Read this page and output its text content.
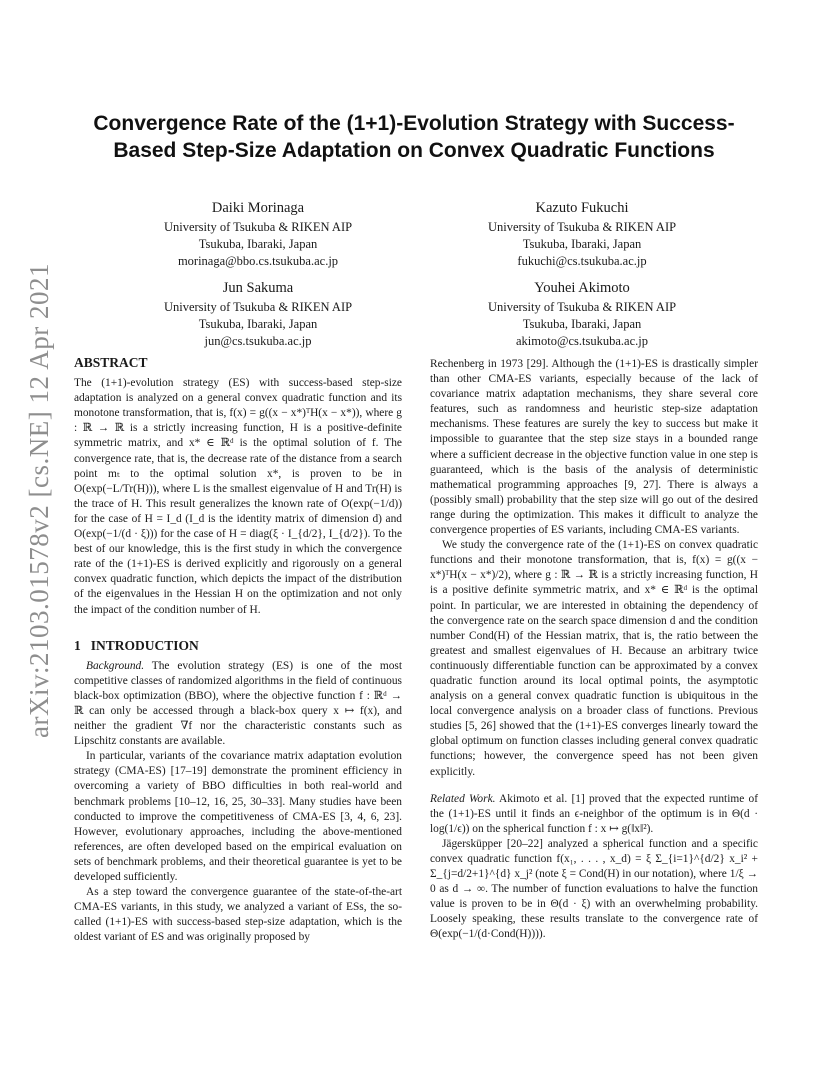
arXiv:2103.01578v2 [cs.NE] 12 Apr 2021
Convergence Rate of the (1+1)-Evolution Strategy with Success-Based Step-Size Adaptation on Convex Quadratic Functions
Daiki Morinaga
University of Tsukuba & RIKEN AIP
Tsukuba, Ibaraki, Japan
morinaga@bbo.cs.tsukuba.ac.jp
Kazuto Fukuchi
University of Tsukuba & RIKEN AIP
Tsukuba, Ibaraki, Japan
fukuchi@cs.tsukuba.ac.jp
Jun Sakuma
University of Tsukuba & RIKEN AIP
Tsukuba, Ibaraki, Japan
jun@cs.tsukuba.ac.jp
Youhei Akimoto
University of Tsukuba & RIKEN AIP
Tsukuba, Ibaraki, Japan
akimoto@cs.tsukuba.ac.jp
ABSTRACT

The (1+1)-evolution strategy (ES) with success-based step-size adaptation is analyzed on a general convex quadratic function and its monotone transformation, that is, f(x) = g((x − x*)ᵀH(x − x*)), where g : ℝ → ℝ is a strictly increasing function, H is a positive-definite symmetric matrix, and x* ∈ ℝᵈ is the optimal solution of f. The convergence rate, that is, the decrease rate of the distance from a search point mₜ to the optimal solution x*, is proven to be in O(exp(−L/Tr(H))), where L is the smallest eigenvalue of H and Tr(H) is the trace of H. This result generalizes the known rate of O(exp(−1/d)) for the case of H = I_d (I_d is the identity matrix of dimension d) and O(exp(−1/(d · ξ))) for the case of H = diag(ξ · I_{d/2}, I_{d/2}). To the best of our knowledge, this is the first study in which the convergence rate of the (1+1)-ES is derived explicitly and rigorously on a general convex quadratic function, which depicts the impact of the distribution of the eigenvalues in the Hessian H on the optimization and not only the impact of the condition number of H.

1 INTRODUCTION

Background. The evolution strategy (ES) is one of the most competitive classes of randomized algorithms in the field of continuous black-box optimization (BBO), where the objective function f : ℝᵈ → ℝ can only be accessed through a black-box query x ↦ f(x), and neither the gradient ∇f nor the characteristic constants such as Lipschitz constants are available.

In particular, variants of the covariance matrix adaptation evolution strategy (CMA-ES) [17–19] demonstrate the prominent efficiency in overcoming a variety of BBO difficulties in both real-world and benchmark problems [10–12, 16, 25, 30–33]. Many studies have been conducted to improve the competitiveness of CMA-ES [3, 4, 6, 23]. However, evolutionary approaches, including the above-mentioned references, are often developed based on the empirical evaluation on sets of benchmark problems, and their theoretical guarantee is yet to be developed sufficiently.

As a step toward the convergence guarantee of the state-of-the-art CMA-ES variants, in this study, we analyzed a variant of ESs, the so-called (1+1)-ES with success-based step-size adaptation, which is the oldest variant of ES and was originally proposed by

Rechenberg in 1973 [29]. Although the (1+1)-ES is drastically simpler than other CMA-ES variants, especially because of the lack of covariance matrix adaptation mechanisms, they share several core features, such as randomness and heuristic step-size adaptation mechanisms. These features are surely the key to success but make it impossible to guarantee that the step size stays in a bounded range where a sufficient decrease in the objective function value in one step is guaranteed, which is the basis of the analysis of deterministic mathematical programming approaches [9, 27]. There is always a (possibly small) probability that the step size will go out of the desired range during the optimization. This makes it difficult to analyze the convergence properties of ES variants, including CMA-ES variants.

We study the convergence rate of the (1+1)-ES on convex quadratic functions and their monotone transformation, that is, f(x) = g((x − x*)ᵀH(x − x*)/2), where g : ℝ → ℝ is a strictly increasing function, H is a positive definite symmetric matrix, and x* ∈ ℝᵈ is the optimal point. In particular, we are interested in obtaining the dependency of the convergence rate on the search space dimension d and the condition number Cond(H) of the Hessian matrix, that is, the ratio between the greatest and smallest eigenvalues of H. Because an arbitrary twice continuously differentiable function can be approximated by a convex quadratic function around its local optimal points, the asymptotic analysis on a general convex quadratic function is ubiquitous in the local convergence analysis on a broader class of functions. Previous studies [5, 26] showed that the (1+1)-ES converges linearly toward the global optimum on function classes including general convex quadratic functions; however, the convergence speed has not been given explicitly.

Related Work. Akimoto et al. [1] proved that the expected runtime of the (1+1)-ES until it finds an ϵ-neighbor of the optimum is in Θ(d · log(1/ϵ)) on the spherical function f : x ↦ g(‖x‖²).

Jägersküpper [20–22] analyzed a spherical function and a specific convex quadratic function f(x₁, . . . , x_d) = ξ Σ_{i=1}^{d/2} x_i² + Σ_{j=d/2+1}^{d} x_j² (note ξ = Cond(H) in our notation), where 1/ξ → 0 as d → ∞. The number of function evaluations to halve the function value is proven to be in Θ(d · ξ) with an overwhelming probability. Loosely speaking, these results translate to the convergence rate of Θ(exp(−1/(d·Cond(H)))).
